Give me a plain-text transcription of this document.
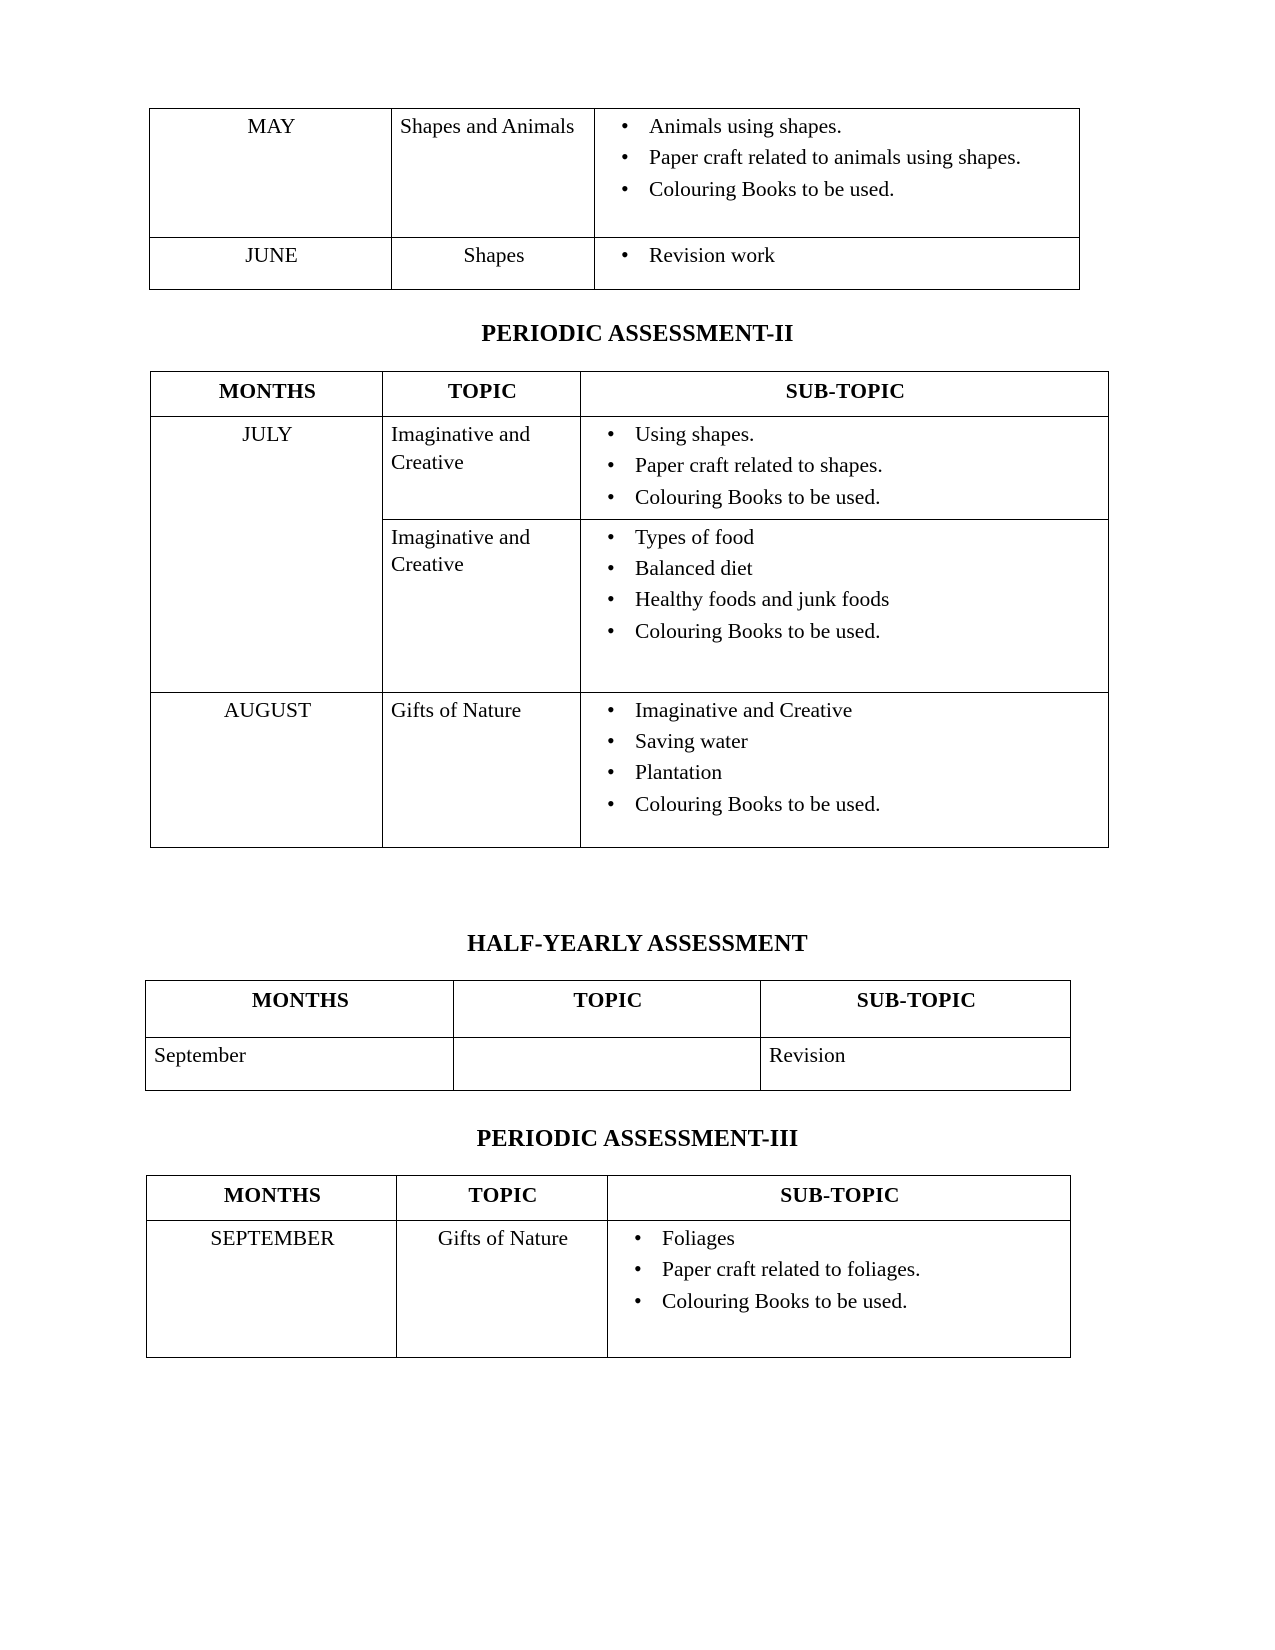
MAY	Shapes and Animals	
•Animals using shapes.
• Paper craft related to animals using shapes.
• Colouring Books to be used.

JUNE	Shapes	
•Revision work
PERIODIC ASSESSMENT-II
MONTHS	TOPIC	SUB-TOPIC
JULY	Imaginative and Creative	
• Using shapes.
• Paper craft related to shapes.
• Colouring Books to be used.

Imaginative and Creative	
• Types of food
• Balanced diet
• Healthy foods and junk foods
• Colouring Books to be used.

AUGUST	Gifts of Nature	
•Imaginative and Creative
• Saving water
• Plantation
• Colouring Books to be used.
HALF-YEARLY ASSESSMENT
MONTHS	TOPIC	SUB-TOPIC
September		Revision
PERIODIC ASSESSMENT-III
MONTHS	TOPIC	SUB-TOPIC
SEPTEMBER	Gifts of Nature	
•Foliages
• Paper craft related to foliages.
• Colouring Books to be used.
